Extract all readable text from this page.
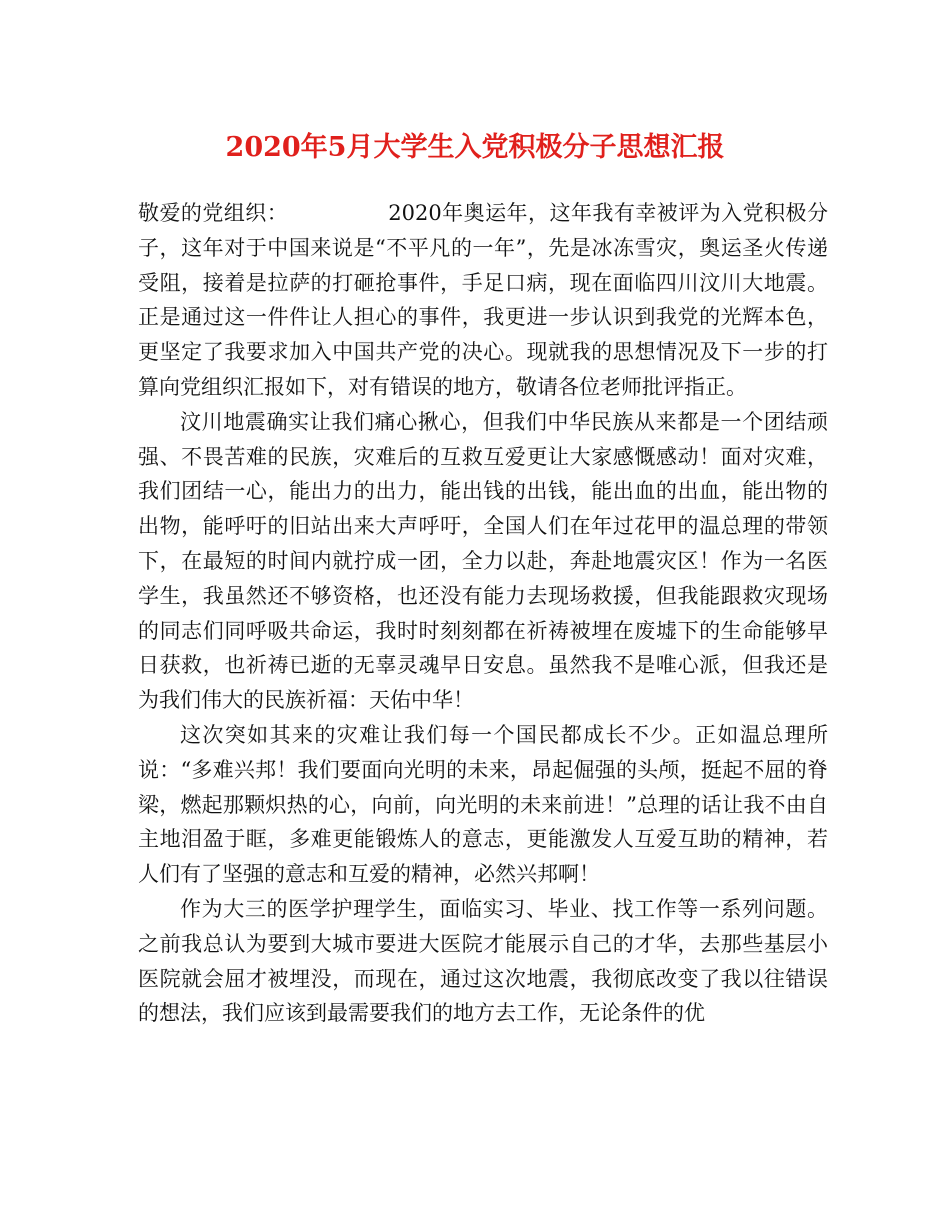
2020年5月大学生入党积极分子思想汇报

敬爱的党组织：	2020年奥运年，这年我有幸被评为入党积极分子，这年对于中国来说是“不平凡的一年”，先是冰冻雪灾，奥运圣火传递受阻，接着是拉萨的打砸抢事件，手足口病，现在面临四川汶川大地震。正是通过这一件件让人担心的事件，我更进一步认识到我党的光辉本色，更坚定了我要求加入中国共产党的决心。现就我的思想情况及下一步的打算向党组织汇报如下，对有错误的地方，敬请各位老师批评指正。

汶川地震确实让我们痛心揪心，但我们中华民族从来都是一个团结顽强、不畏苦难的民族，灾难后的互救互爱更让大家感慨感动！面对灾难，我们团结一心，能出力的出力，能出钱的出钱，能出血的出血，能出物的出物，能呼吁的旧站出来大声呼吁，全国人们在年过花甲的温总理的带领下，在最短的时间内就拧成一团，全力以赴，奔赴地震灾区！作为一名医学生，我虽然还不够资格，也还没有能力去现场救援，但我能跟救灾现场的同志们同呼吸共命运，我时时刻刻都在祈祷被埋在废墟下的生命能够早日获救，也祈祷已逝的无辜灵魂早日安息。虽然我不是唯心派，但我还是为我们伟大的民族祈福：天佑中华！

这次突如其来的灾难让我们每一个国民都成长不少。正如温总理所说：“多难兴邦！我们要面向光明的未来，昂起倔强的头颅，挺起不屈的脊梁，燃起那颗炽热的心，向前，向光明的未来前进！”总理的话让我不由自主地泪盈于眶，多难更能锻炼人的意志，更能激发人互爱互助的精神，若人们有了坚强的意志和互爱的精神，必然兴邦啊！

作为大三的医学护理学生，面临实习、毕业、找工作等一系列问题。之前我总认为要到大城市要进大医院才能展示自己的才华，去那些基层小医院就会屈才被埋没，而现在，通过这次地震，我彻底改变了我以往错误的想法，我们应该到最需要我们的地方去工作，无论条件的优
